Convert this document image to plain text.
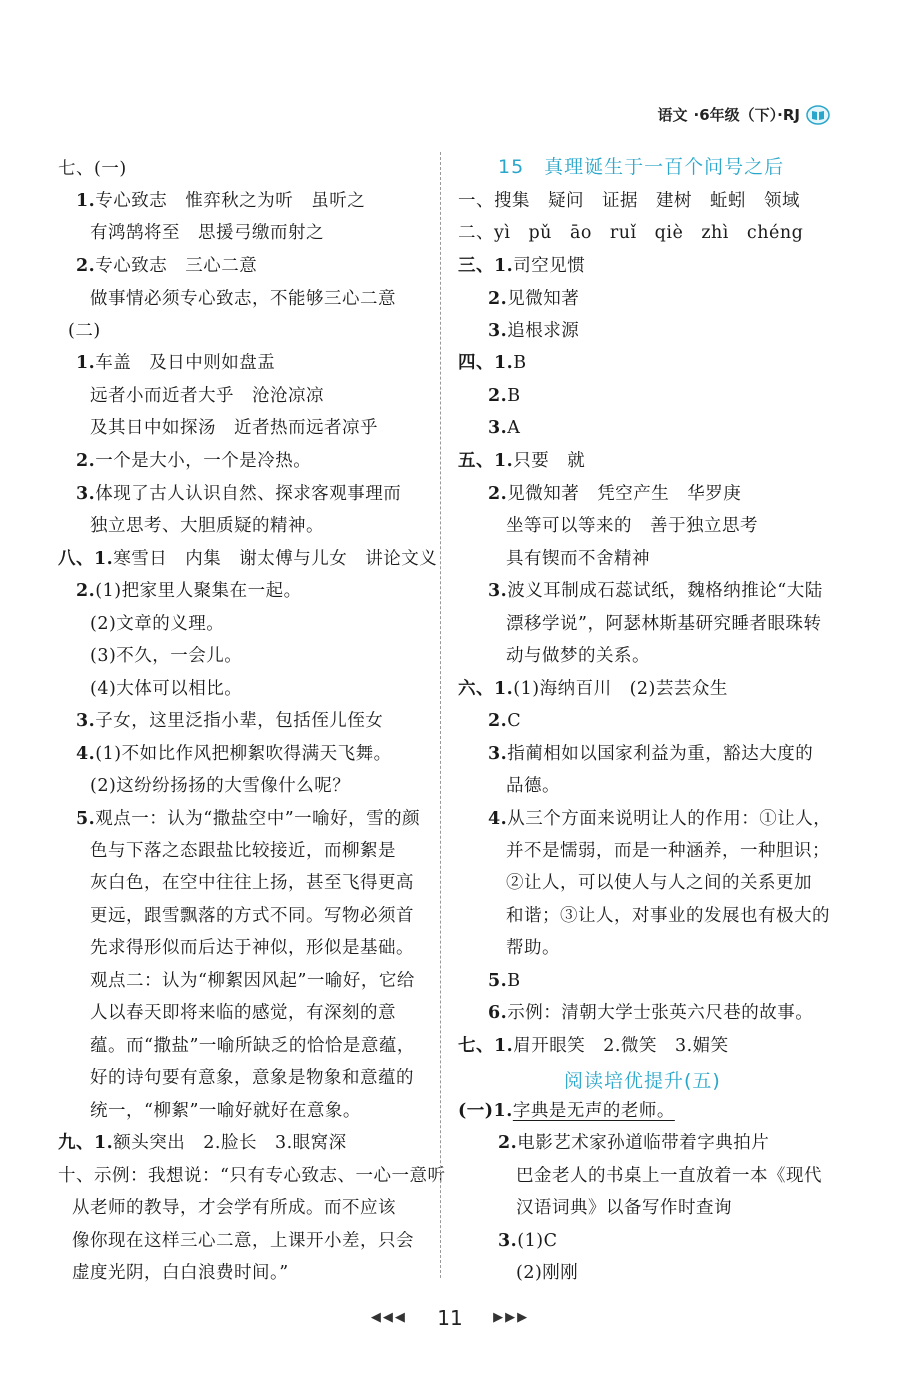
语文 ·6年级（下）·RJ
七、(一)
1.专心致志　惟弈秋之为听　虽听之
有鸿鹄将至　思援弓缴而射之
2.专心致志　三心二意
做事情必须专心致志，不能够三心二意
(二)
1.车盖　及日中则如盘盂
远者小而近者大乎　沧沧凉凉
及其日中如探汤　近者热而远者凉乎
2.一个是大小，一个是冷热。
3.体现了古人认识自然、探求客观事理而
独立思考、大胆质疑的精神。
八、1.寒雪日　内集　谢太傅与儿女　讲论文义
2.(1)把家里人聚集在一起。
(2)文章的义理。
(3)不久，一会儿。
(4)大体可以相比。
3.子女，这里泛指小辈，包括侄儿侄女
4.(1)不如比作风把柳絮吹得满天飞舞。
(2)这纷纷扬扬的大雪像什么呢？
5.观点一：认为“撒盐空中”一喻好，雪的颜
色与下落之态跟盐比较接近，而柳絮是
灰白色，在空中往往上扬，甚至飞得更高
更远，跟雪飘落的方式不同。写物必须首
先求得形似而后达于神似，形似是基础。
观点二：认为“柳絮因风起”一喻好，它给
人以春天即将来临的感觉，有深刻的意
蕴。而“撒盐”一喻所缺乏的恰恰是意蕴，
好的诗句要有意象，意象是物象和意蕴的
统一，“柳絮”一喻好就好在意象。
九、1.额头突出　2.脸长　3.眼窝深
十、示例：我想说：“只有专心致志、一心一意听
从老师的教导，才会学有所成。而不应该
像你现在这样三心二意，上课开小差，只会
虚度光阴，白白浪费时间。”
15　真理诞生于一百个问号之后
阅读培优提升(五)
一、搜集　疑问　证据　建树　蚯蚓　领域
二、yì　pǔ　āo　ruǐ　qiè　zhì　chéng
三、1.司空见惯
2.见微知著
3.追根求源
四、1.B
2.B
3.A
五、1.只要　就
2.见微知著　凭空产生　华罗庚
坐等可以等来的　善于独立思考
具有锲而不舍精神
3.波义耳制成石蕊试纸，魏格纳推论“大陆
漂移学说”，阿瑟林斯基研究睡者眼珠转
动与做梦的关系。
六、1.(1)海纳百川　(2)芸芸众生
2.C
3.指蔺相如以国家利益为重，豁达大度的
品德。
4.从三个方面来说明让人的作用：①让人，
并不是懦弱，而是一种涵养，一种胆识；
②让人，可以使人与人之间的关系更加
和谐；③让人，对事业的发展也有极大的
帮助。
5.B
6.示例：清朝大学士张英六尺巷的故事。
七、1.眉开眼笑　2.微笑　3.媚笑
(一)1.字典是无声的老师。
2.电影艺术家孙道临带着字典拍片
巴金老人的书桌上一直放着一本《现代
汉语词典》以备写作时查询
3.(1)C
(2)刚刚
◀◀◀ 11 ▶▶▶
